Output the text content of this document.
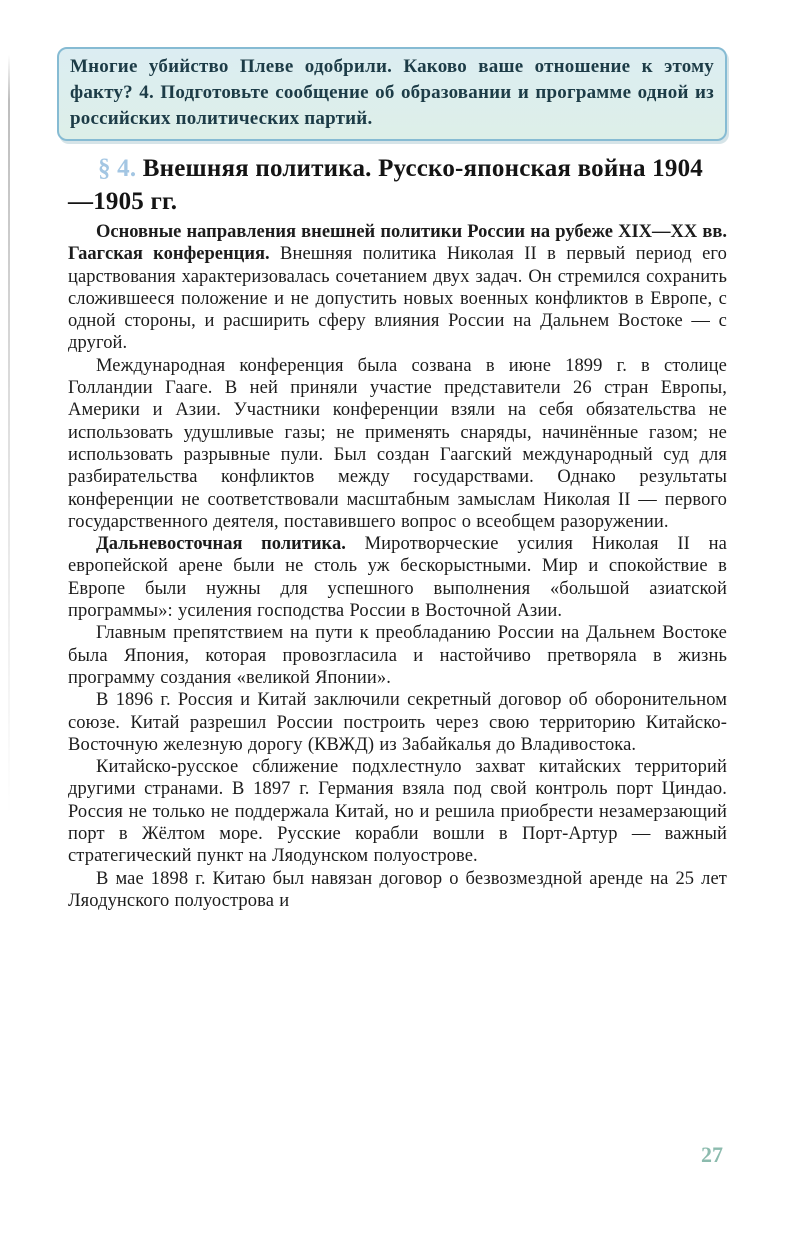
Многие убийство Плеве одобрили. Каково ваше отношение к этому факту? 4. Подготовьте сообщение об образовании и программе одной из российских политических партий.
§ 4. Внешняя политика. Русско-японская война 1904—1905 гг.

Основные направления внешней политики России на рубеже XIX—XX вв. Гаагская конференция. Внешняя политика Николая II в первый период его царствования характеризовалась сочетанием двух задач. Он стремился сохранить сложившееся положение и не допустить новых военных конфликтов в Европе, с одной стороны, и расширить сферу влияния России на Дальнем Востоке — с другой.

Международная конференция была созвана в июне 1899 г. в столице Голландии Гааге. В ней приняли участие представители 26 стран Европы, Америки и Азии. Участники конференции взяли на себя обязательства не использовать удушливые газы; не применять снаряды, начинённые газом; не использовать разрывные пули. Был создан Гаагский международный суд для разбирательства конфликтов между государствами. Однако результаты конференции не соответствовали масштабным замыслам Николая II — первого государственного деятеля, поставившего вопрос о всеобщем разоружении.

Дальневосточная политика. Миротворческие усилия Николая II на европейской арене были не столь уж бескорыстными. Мир и спокойствие в Европе были нужны для успешного выполнения «большой азиатской программы»: усиления господства России в Восточной Азии.

Главным препятствием на пути к преобладанию России на Дальнем Востоке была Япония, которая провозгласила и настойчиво претворяла в жизнь программу создания «великой Японии».

В 1896 г. Россия и Китай заключили секретный договор об оборонительном союзе. Китай разрешил России построить через свою территорию Китайско-Восточную железную дорогу (КВЖД) из Забайкалья до Владивостока.

Китайско-русское сближение подхлестнуло захват китайских территорий другими странами. В 1897 г. Германия взяла под свой контроль порт Циндао. Россия не только не поддержала Китай, но и решила приобрести незамерзающий порт в Жёлтом море. Русские корабли вошли в Порт-Артур — важный стратегический пункт на Ляодунском полуострове.

В мае 1898 г. Китаю был навязан договор о безвозмездной аренде на 25 лет Ляодунского полуострова и

27
